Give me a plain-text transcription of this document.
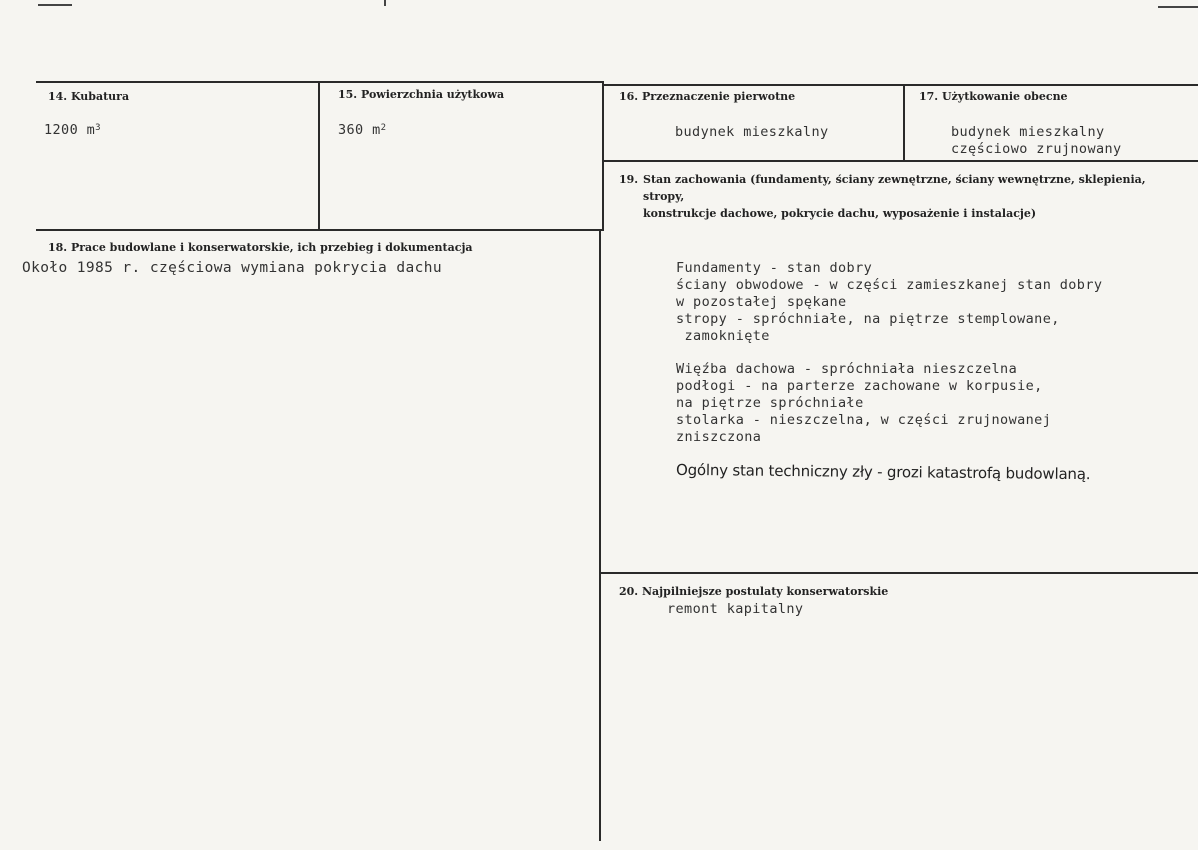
14. Kubatura
1200 $m^3$
15. Powierzchnia użytkowa
360 $m^2$
16. Przeznaczenie pierwotne
budynek mieszkalny
17. Użytkowanie obecne
budynek mieszkalny
częściowo zrujnowany
18. Prace budowlane i konserwatorskie, ich przebieg i dokumentacja
Około 1985 r. częściowa wymiana pokrycia dachu
19. Stan zachowania (fundamenty, ściany zewnętrzne, ściany wewnętrzne, sklepienia, stropy,
konstrukcje dachowe, pokrycie dachu, wyposażenie i instalacje)
Fundamenty - stan dobry
ściany obwodowe - w części zamieszkanej stan dobry
w pozostałej spękane
stropy - spróchniałe, na piętrze stemplowane,
zamoknięte
Więźba dachowa - spróchniała nieszczelna
podłogi - na parterze zachowane w korpusie,
na piętrze spróchniałe
stolarka - nieszczelna, w części zrujnowanej
zniszczona
Ogólny stan techniczny zły - grozi katastrofą budowlaną.
20. Najpilniejsze postulaty konserwatorskie
remont kapitalny
